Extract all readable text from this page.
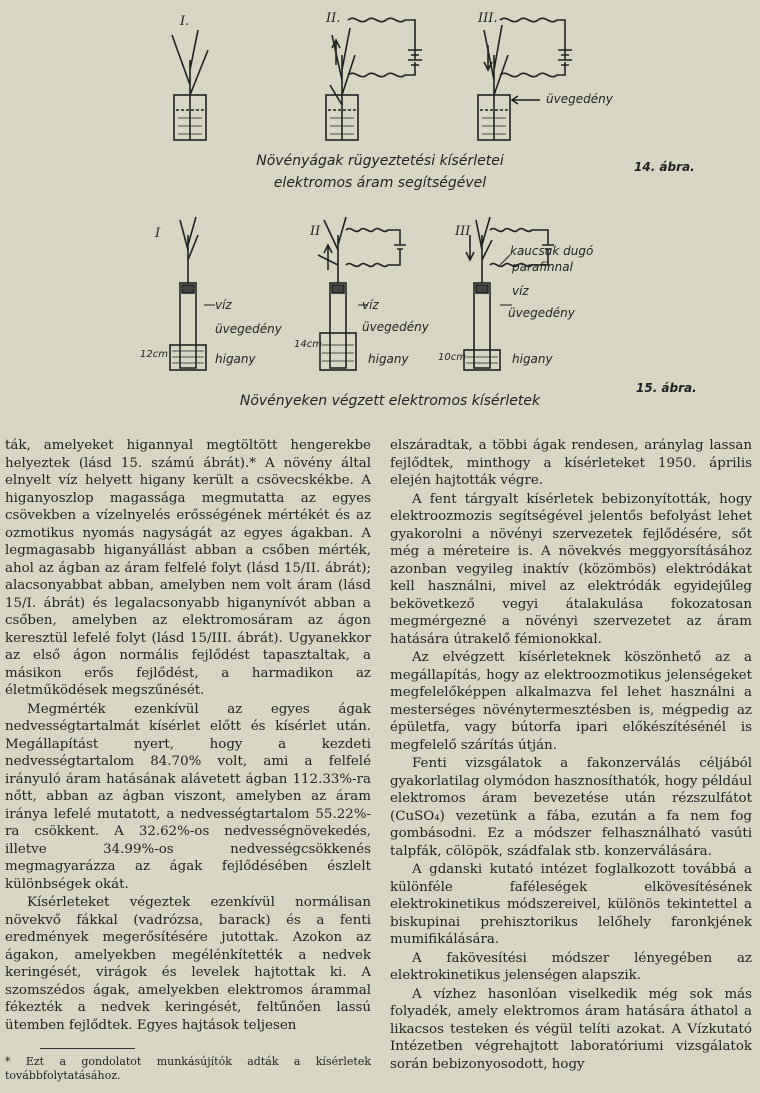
I.	II.	III.
üvegedény
Növényágak rügyeztetési kísérletei
elektromos áram segítségével
14. ábra.
I	II	III
víz
üvegedény
higany
12cm
víz
üvegedény
higany
14cm
kaucsuk dugó
parafinnal
víz
üvegedény
higany
10cm
Növényeken végzett elektromos kísérletek
15. ábra.

ták, amelyeket higannyal megtöltött hengerekbe helyeztek (lásd 15. számú ábrát).* A növény által elnyelt víz helyett higany került a csövecskékbe. A higanyoszlop magassága megmutatta az egyes csövekben a vízelnyelés erősségének mértékét és az ozmotikus nyomás nagyságát az egyes ágakban. A legmagasabb higanyállást abban a csőben mérték, ahol az ágban az áram felfelé folyt (lásd 15/II. ábrát); alacsonyabbat abban, amelyben nem volt áram (lásd 15/I. ábrát) és legalacsonyabb higanynívót abban a csőben, amelyben az elektromosáram az ágon keresztül lefelé folyt (lásd 15/III. ábrát). Ugyanekkor az első ágon normális fejlődést tapasztaltak, a másikon erős fejlődést, a harmadikon az életműködések megszűnését.

Megmérték ezenkívül az egyes ágak nedvességtartalmát kísérlet előtt és kísérlet után. Megállapítást nyert, hogy a kezdeti nedvességtartalom 84.70% volt, ami a felfelé irányuló áram hatásának alávetett ágban 112.33%-ra nőtt, abban az ágban viszont, amelyben az áram iránya lefelé mutatott, a nedvességtartalom 55.22%-ra csökkent. A 32.62%-os nedvességnövekedés, illetve 34.99%-os nedvességcsökkenés megmagyarázza az ágak fejlődésében észlelt különbségek okát.

Kísérleteket végeztek ezenkívül normálisan növekvő fákkal (vadrózsa, barack) és a fenti eredmények megerősítésére jutottak. Azokon az ágakon, amelyekben megélénkítették a nedvek keringését, virágok és levelek hajtottak ki. A szomszédos ágak, amelyekben elektromos árammal fékezték a nedvek keringését, feltűnően lassú ütemben fejlődtek. Egyes hajtások teljesen

* Ezt a gondolatot munkásújítók adták a kísérletek továbbfolytatásához.

elszáradtak, a többi ágak rendesen, aránylag lassan fejlődtek, minthogy a kísérleteket 1950. április elején hajtották végre.

A fent tárgyalt kísérletek bebizonyították, hogy elektroozmozis segítségével jelentős befolyást lehet gyakorolni a növényi szervezetek fejlődésére, sőt még a méreteire is. A növekvés meggyorsításához azonban vegyileg inaktív (közömbös) elektródákat kell használni, mivel az elektródák egyidejűleg bekövetkező vegyi átalakulása fokozatosan megmérgezné a növényi szervezetet az áram hatására útrakelő fémionokkal.

Az elvégzett kísérleteknek köszönhető az a megállapítás, hogy az elektroozmotikus jelenségeket megfelelőképpen alkalmazva fel lehet használni a mesterséges növénytermesztésben is, mégpedig az épületfa, vagy bútorfa ipari előkészítésénél is megfelelő szárítás útján.

Fenti vizsgálatok a fakonzerválás céljából gyakorlatilag olymódon hasznosíthatók, hogy például elektromos áram bevezetése után rézszulfátot (CuSO₄) vezetünk a fába, ezután a fa nem fog gombásodni. Ez a módszer felhasználható vasúti talpfák, cölöpök, szádfalak stb. konzerválására.

A gdanski kutató intézet foglalkozott továbbá a különféle faféleségek elkövesítésének elektrokinetikus módszereivel, különös tekintettel a biskupinai prehisztorikus lelőhely faronkjének mumifikálására.

A fakövesítési módszer lényegében az elektrokinetikus jelenségen alapszik.

A vízhez hasonlóan viselkedik még sok más folyadék, amely elektromos áram hatására áthatol a likacsos testeken és végül telíti azokat. A Vízkutató Intézetben végrehajtott laboratóriumi vizsgálatok során bebizonyosodott, hogy
